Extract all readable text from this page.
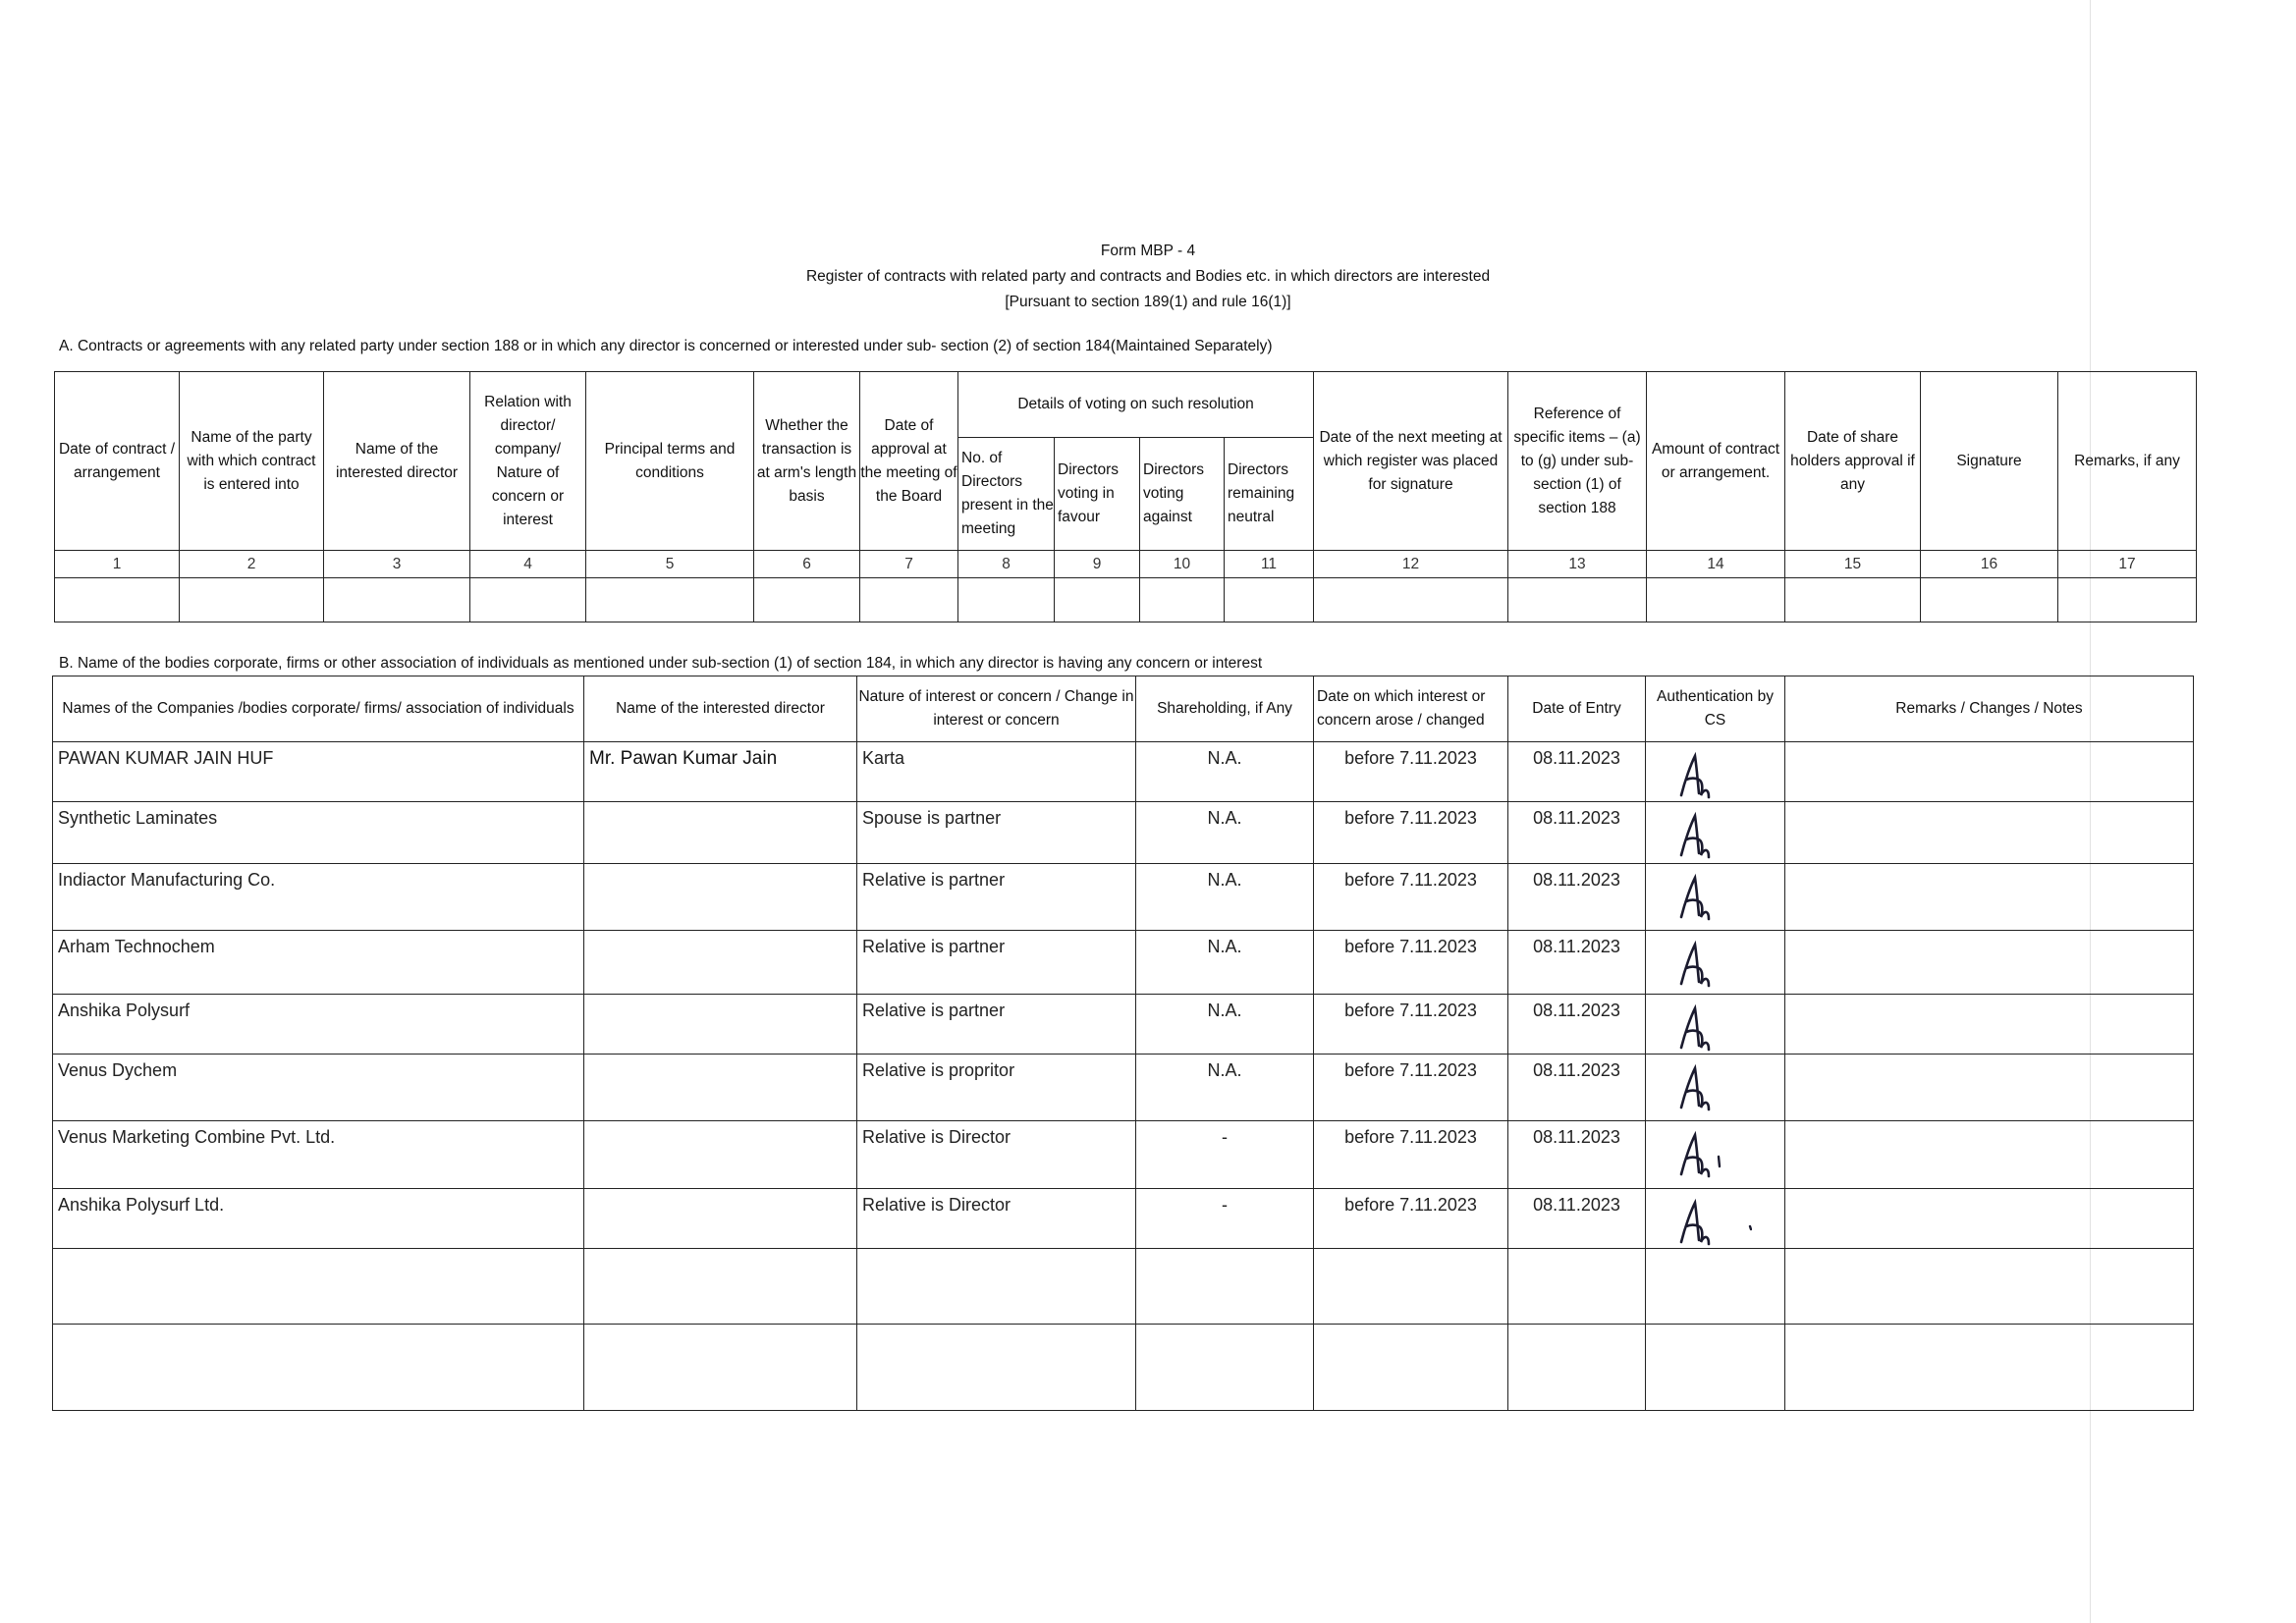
Form MBP - 4
Register of contracts with related party and contracts and Bodies etc. in which directors are interested
[Pursuant to section 189(1) and rule 16(1)]
A. Contracts or agreements with any related party under section 188 or in which any director is concerned or interested under sub- section (2) of section 184(Maintained Separately)
Date of contract / arrangement	Name of the party with which contract is entered into	Name of the interested director	Relation with director/ company/ Nature of concern or interest	Principal terms and conditions	Whether the transaction is at arm's length basis	Date of approval at the meeting of the Board	Details of voting on such resolution				Date of the next meeting at which register was placed for signature	Reference of specific items – (a) to (g) under sub-section (1) of section 188	Amount of contract or arrangement.	Date of share holders approval if any	Signature	Remarks, if any
							No. of Directors present in the meeting	Directors voting in favour	Directors voting against	Directors remaining neutral						
1	2	3	4	5	6	7	8	9	10	11	12	13	14	15	16	17

B. Name of the bodies corporate, firms or other association of individuals as mentioned under sub-section (1) of section 184, in which any director is having any concern or interest
Names of the Companies /bodies corporate/ firms/ association of individuals	Name of the interested director	Nature of interest or concern / Change in interest or concern	Shareholding, if Any	Date on which interest or concern arose / changed	Date of Entry	Authentication by CS	Remarks / Changes / Notes
PAWAN KUMAR JAIN HUF	Mr. Pawan Kumar Jain	Karta	N.A.	before 7.11.2023	08.11.2023	

Synthetic Laminates		Spouse is partner	N.A.	before 7.11.2023	08.11.2023	

Indiactor Manufacturing Co.		Relative is partner	N.A.	before 7.11.2023	08.11.2023	

Arham Technochem		Relative is partner	N.A.	before 7.11.2023	08.11.2023	

Anshika Polysurf		Relative is partner	N.A.	before 7.11.2023	08.11.2023	

Venus Dychem		Relative is propritor	N.A.	before 7.11.2023	08.11.2023	

Venus Marketing Combine Pvt. Ltd.		Relative is Director	-	before 7.11.2023	08.11.2023	

Anshika Polysurf Ltd.		Relative is Director	-	before 7.11.2023	08.11.2023	
